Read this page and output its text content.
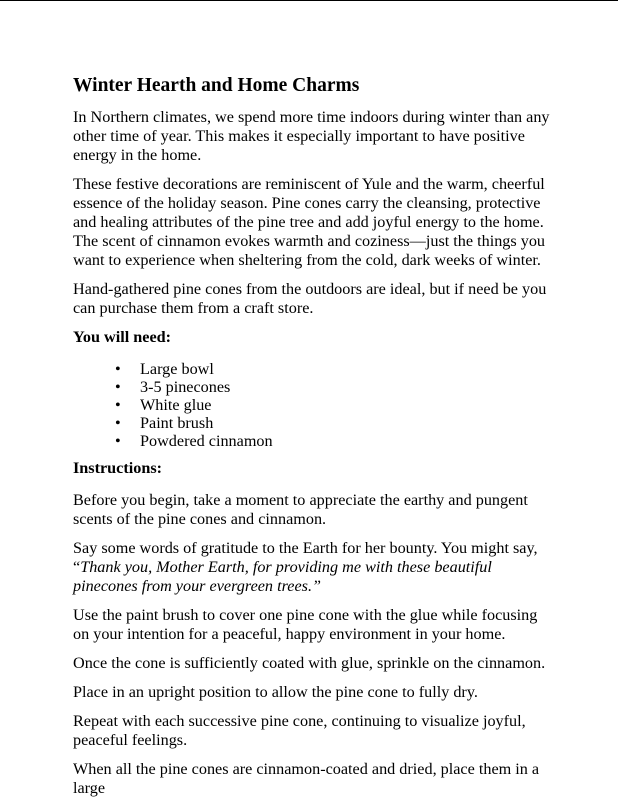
Winter Hearth and Home Charms

In Northern climates, we spend more time indoors during winter than any other time of year. This makes it especially important to have positive energy in the home.

These festive decorations are reminiscent of Yule and the warm, cheerful essence of the holiday season. Pine cones carry the cleansing, protective and healing attributes of the pine tree and add joyful energy to the home. The scent of cinnamon evokes warmth and coziness—just the things you want to experience when sheltering from the cold, dark weeks of winter.

Hand-gathered pine cones from the outdoors are ideal, but if need be you can purchase them from a craft store.

You will need:

• Large bowl
• 3-5 pinecones
• White glue
• Paint brush
• Powdered cinnamon

Instructions:

Before you begin, take a moment to appreciate the earthy and pungent scents of the pine cones and cinnamon.

Say some words of gratitude to the Earth for her bounty. You might say, “Thank you, Mother Earth, for providing me with these beautiful pinecones from your evergreen trees.”

Use the paint brush to cover one pine cone with the glue while focusing on your intention for a peaceful, happy environment in your home.

Once the cone is sufficiently coated with glue, sprinkle on the cinnamon.

Place in an upright position to allow the pine cone to fully dry.

Repeat with each successive pine cone, continuing to visualize joyful, peaceful feelings.

When all the pine cones are cinnamon-coated and dried, place them in a large
